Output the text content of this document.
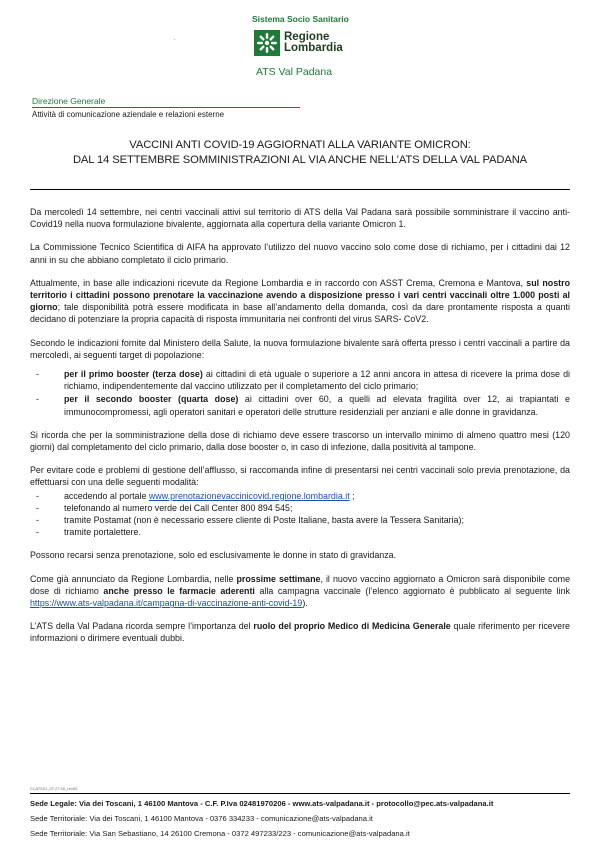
.
Sistema Socio Sanitario
Regione
Lombardia
ATS Val Padana
Direzione Generale
Attività di comunicazione aziendale e relazioni esterne
VACCINI ANTI COVID-19 AGGIORNATI ALLA VARIANTE OMICRON:
DAL 14 SETTEMBRE SOMMINISTRAZIONI AL VIA ANCHE NELL’ATS DELLA VAL PADANA

Da mercoledì 14 settembre, nei centri vaccinali attivi sul territorio di ATS della Val Padana sarà possibile somministrare il vaccino anti-Covid19 nella nuova formulazione bivalente, aggiornata alla copertura della variante Omicron 1.

La Commissione Tecnico Scientifica di AIFA ha approvato l’utilizzo del nuovo vaccino solo come dose di richiamo, per i cittadini dai 12 anni in su che abbiano completato il ciclo primario.

Attualmente, in base alle indicazioni ricevute da Regione Lombardia e in raccordo con ASST Crema, Cremona e Mantova, sul nostro territorio i cittadini possono prenotare la vaccinazione avendo a disposizione presso i vari centri vaccinali oltre 1.000 posti al giorno; tale disponibilità potrà essere modificata in base all’andamento della domanda, così da dare prontamente risposta a quanti decidano di potenziare la propria capacità di risposta immunitaria nei confronti del virus SARS- CoV2.

Secondo le indicazioni fornite dal Ministero della Salute, la nuova formulazione bivalente sarà offerta presso i centri vaccinali a partire da mercoledì, ai seguenti target di popolazione:

- per il primo booster (terza dose) ai cittadini di età uguale o superiore a 12 anni ancora in attesa di ricevere la prima dose di richiamo, indipendentemente dal vaccino utilizzato per il completamento del ciclo primario;
- per il secondo booster (quarta dose) ai cittadini over 60, a quelli ad elevata fragilità over 12, ai trapiantati e immunocompromessi, agli operatori sanitari e operatori delle strutture residenziali per anziani e alle donne in gravidanza.

Si ricorda che per la somministrazione della dose di richiamo deve essere trascorso un intervallo minimo di almeno quattro mesi (120 giorni) dal completamento del ciclo primario, dalla dose booster o, in caso di infezione, dalla positività al tampone.

Per evitare code e problemi di gestione dell’afflusso, si raccomanda infine di presentarsi nei centri vaccinali solo previa prenotazione, da effettuarsi con una delle seguenti modalità:

- accedendo al portale www.prenotazionevaccinicovid.regione.lombardia.it ;
- telefonando al numero verde del Call Center 800 894 545;
- tramite Postamat (non è necessario essere cliente di Poste Italiane, basta avere la Tessera Sanitaria);
- tramite portalettere.

Possono recarsi senza prenotazione, solo ed esclusivamente le donne in stato di gravidanza.

Come già annunciato da Regione Lombardia, nelle prossime settimane, il nuovo vaccino aggiornato a Omicron sarà disponibile come dose di richiamo anche presso le farmacie aderenti alla campagna vaccinale (l’elenco aggiornato è pubblicato al seguente link https://www.ats-valpadana.it/campagna-di-vaccinazione-anti-covid-19).

L’ATS della Val Padana ricorda sempre l’importanza del ruolo del proprio Medico di Medicina Generale quale riferimento per ricevere informazioni o dirimere eventuali dubbi.

CI-ATS21_07.27.00_rev00
Sede Legale: Via dei Toscani, 1 46100 Mantova - C.F. P.Iva 02481970206 - www.ats-valpadana.it - protocollo@pec.ats-valpadana.it
Sede Territoriale: Via dei Toscani, 1 46100 Mantova - 0376 334233 - comunicazione@ats-valpadana.it
Sede Territoriale: Via San Sebastiano, 14 26100 Cremona - 0372 497233/223 - comunicazione@ats-valpadana.it
